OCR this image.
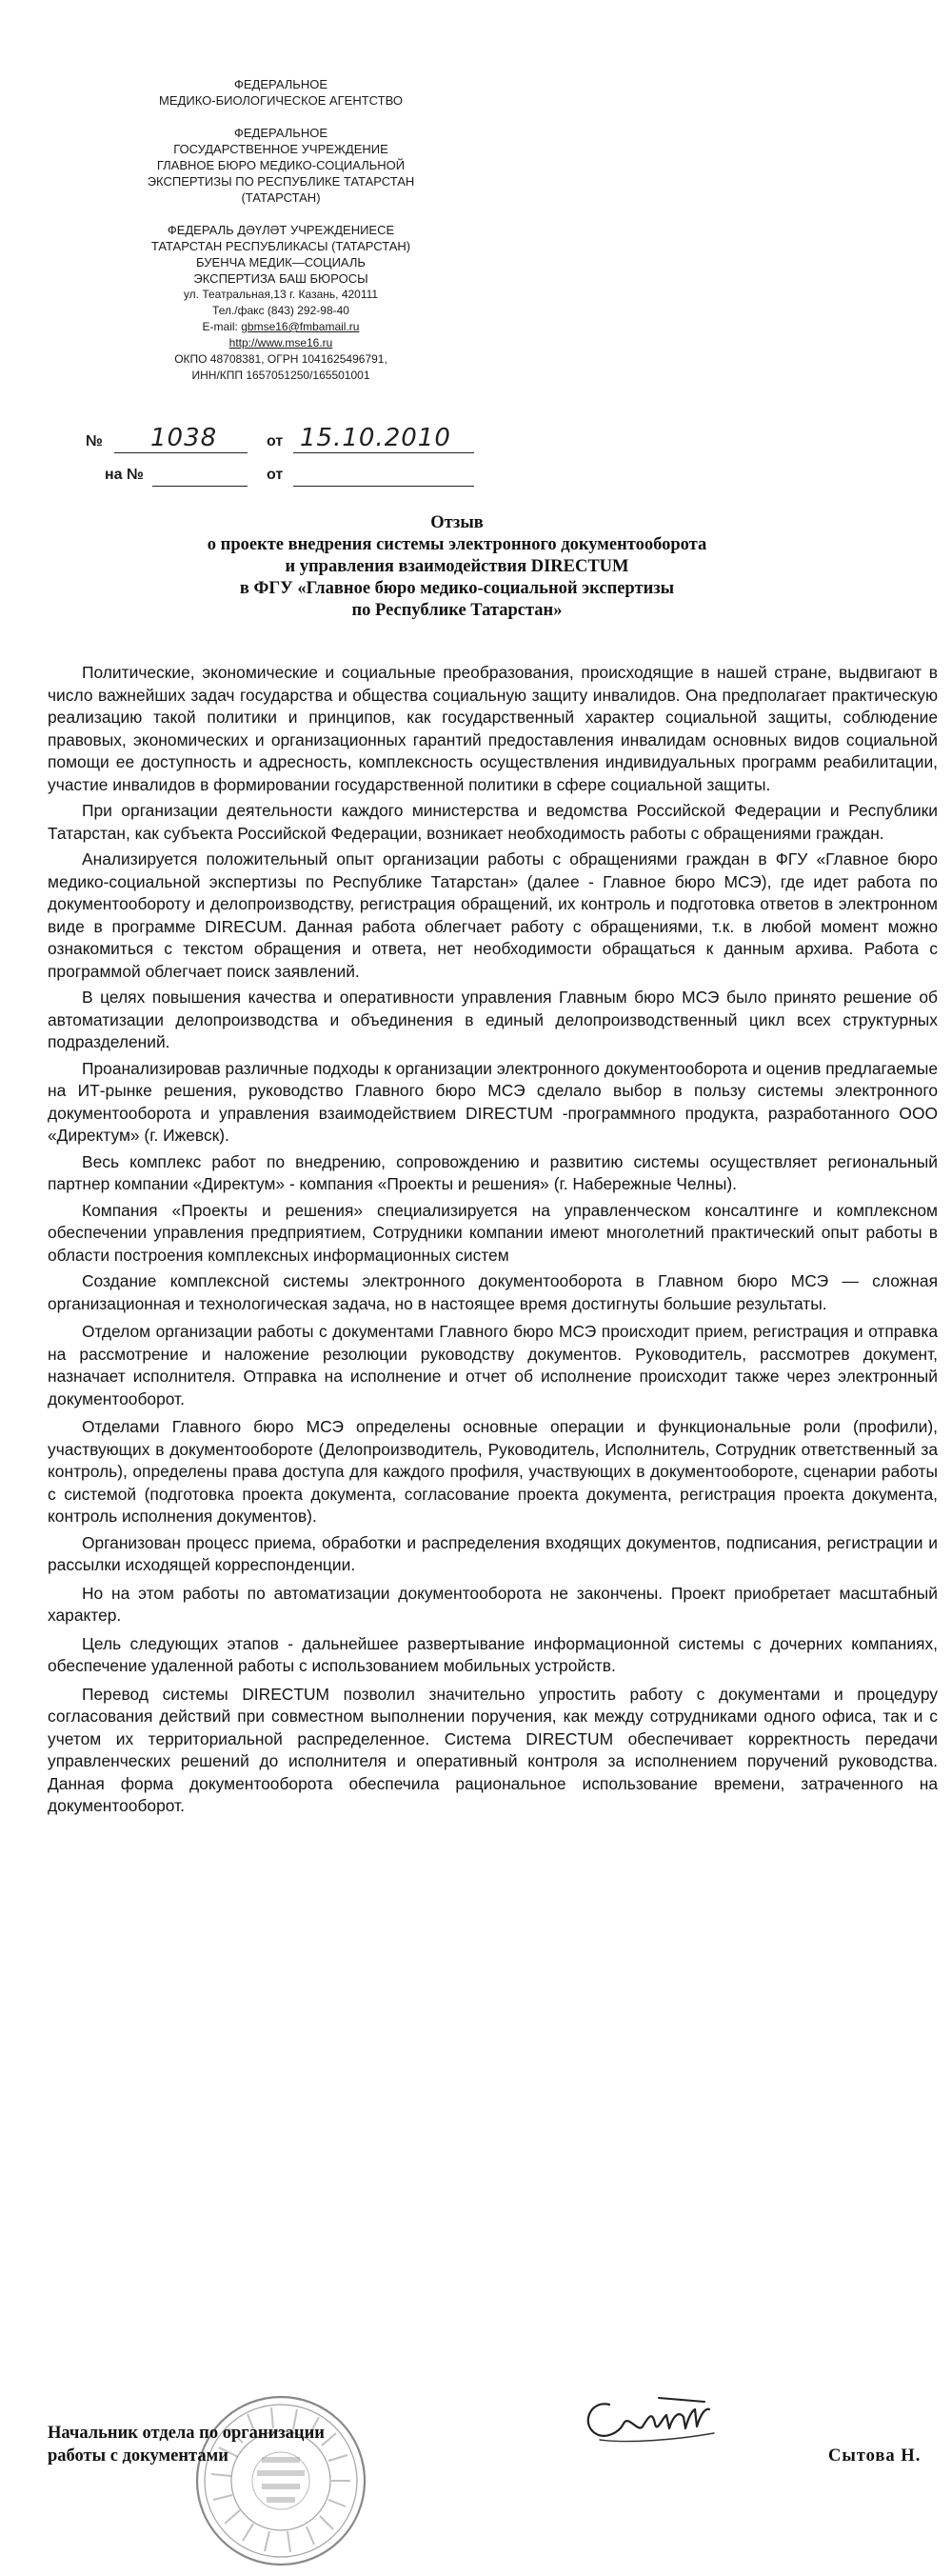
ФЕДЕРАЛЬНОЕ
МЕДИКО-БИОЛОГИЧЕСКОЕ АГЕНТСТВО
ФЕДЕРАЛЬНОЕ
ГОСУДАРСТВЕННОЕ УЧРЕЖДЕНИЕ
ГЛАВНОЕ БЮРО МЕДИКО-СОЦИАЛЬНОЙ
ЭКСПЕРТИЗЫ ПО РЕСПУБЛИКЕ ТАТАРСТАН
(ТАТАРСТАН)
ФЕДЕРАЛЬ ДӘҮЛӘТ УЧРЕЖДЕНИЕСЕ
ТАТАРСТАН РЕСПУБЛИКАСЫ (ТАТАРСТАН)
БУЕНЧА МЕДИК—СОЦИАЛЬ
ЭКСПЕРТИЗА БАШ БЮРОСЫ
ул. Театральная,13 г. Казань, 420111
Тел./факс (843) 292-98-40
E-mail: gbmse16@fmbamail.ru
http://www.mse16.ru
ОКПО 48708381, ОГРН 1041625496791,
ИНН/КПП 1657051250/165501001
№ 1038	от 15.10.2010
на №	от
Отзыв
о проекте внедрения системы электронного документооборота
и управления взаимодействия DIRECTUM
в ФГУ «Главное бюро медико-социальной экспертизы
по Республике Татарстан»

Политические, экономические и социальные преобразования, происходящие в нашей стране, выдвигают в число важнейших задач государства и общества социальную защиту инвалидов. Она предполагает практическую реализацию такой политики и принципов, как государственный характер социальной защиты, соблюдение правовых, экономических и организационных гарантий предоставления инвалидам основных видов социальной помощи ее доступность и адресность, комплексность осуществления индивидуальных программ реабилитации, участие инвалидов в формировании государственной политики в сфере социальной защиты.

При организации деятельности каждого министерства и ведомства Российской Федерации и Республики Татарстан, как субъекта Российской Федерации, возникает необходимость работы с обращениями граждан.

Анализируется положительный опыт организации работы с обращениями граждан в ФГУ «Главное бюро медико-социальной экспертизы по Республике Татарстан» (далее - Главное бюро МСЭ), где идет работа по документообороту и делопроизводству, регистрация обращений, их контроль и подготовка ответов в электронном виде в программе DIRECUM. Данная работа облегчает работу с обращениями, т.к. в любой момент можно ознакомиться с текстом обращения и ответа, нет необходимости обращаться к данным архива. Работа с программой облегчает поиск заявлений.

В целях повышения качества и оперативности управления Главным бюро МСЭ было принято решение об автоматизации делопроизводства и объединения в единый делопроизводственный цикл всех структурных подразделений.

Проанализировав различные подходы к организации электронного документооборота и оценив предлагаемые на ИТ-рынке решения, руководство Главного бюро МСЭ сделало выбор в пользу системы электронного документооборота и управления взаимодействием DIRECTUM -программного продукта, разработанного ООО «Директум» (г. Ижевск).

Весь комплекс работ по внедрению, сопровождению и развитию системы осуществляет региональный партнер компании «Директум» - компания «Проекты и решения» (г. Набережные Челны).

Компания «Проекты и решения» специализируется на управленческом консалтинге и комплексном обеспечении управления предприятием, Сотрудники компании имеют многолетний практический опыт работы в области построения комплексных информационных систем

Создание комплексной системы электронного документооборота в Главном бюро МСЭ — сложная организационная и технологическая задача, но в настоящее время достигнуты большие результаты.

Отделом организации работы с документами Главного бюро МСЭ происходит прием, регистрация и отправка на рассмотрение и наложение резолюции руководству документов. Руководитель, рассмотрев документ, назначает исполнителя. Отправка на исполнение и отчет об исполнение происходит также через электронный документооборот.

Отделами Главного бюро МСЭ определены основные операции и функциональные роли (профили), участвующих в документообороте (Делопроизводитель, Руководитель, Исполнитель, Сотрудник ответственный за контроль), определены права доступа для каждого профиля, участвующих в документообороте, сценарии работы с системой (подготовка проекта документа, согласование проекта документа, регистрация проекта документа, контроль исполнения документов).

Организован процесс приема, обработки и распределения входящих документов, подписания, регистрации и рассылки исходящей корреспонденции.

Но на этом работы по автоматизации документооборота не закончены. Проект приобретает масштабный характер.

Цель следующих этапов - дальнейшее развертывание информационной системы с дочерних компаниях, обеспечение удаленной работы с использованием мобильных устройств.

Перевод системы DIRECTUM позволил значительно упростить работу с документами и процедуру согласования действий при совместном выполнении поручения, как между сотрудниками одного офиса, так и с учетом их территориальной распределенное. Система DIRECTUM обеспечивает корректность передачи управленческих решений до исполнителя и оперативный контроля за исполнением поручений руководства. Данная форма документооборота обеспечила рациональное использование времени, затраченного на документооборот.

Начальник отдела по организации
работы с документами	Сытова Н.
